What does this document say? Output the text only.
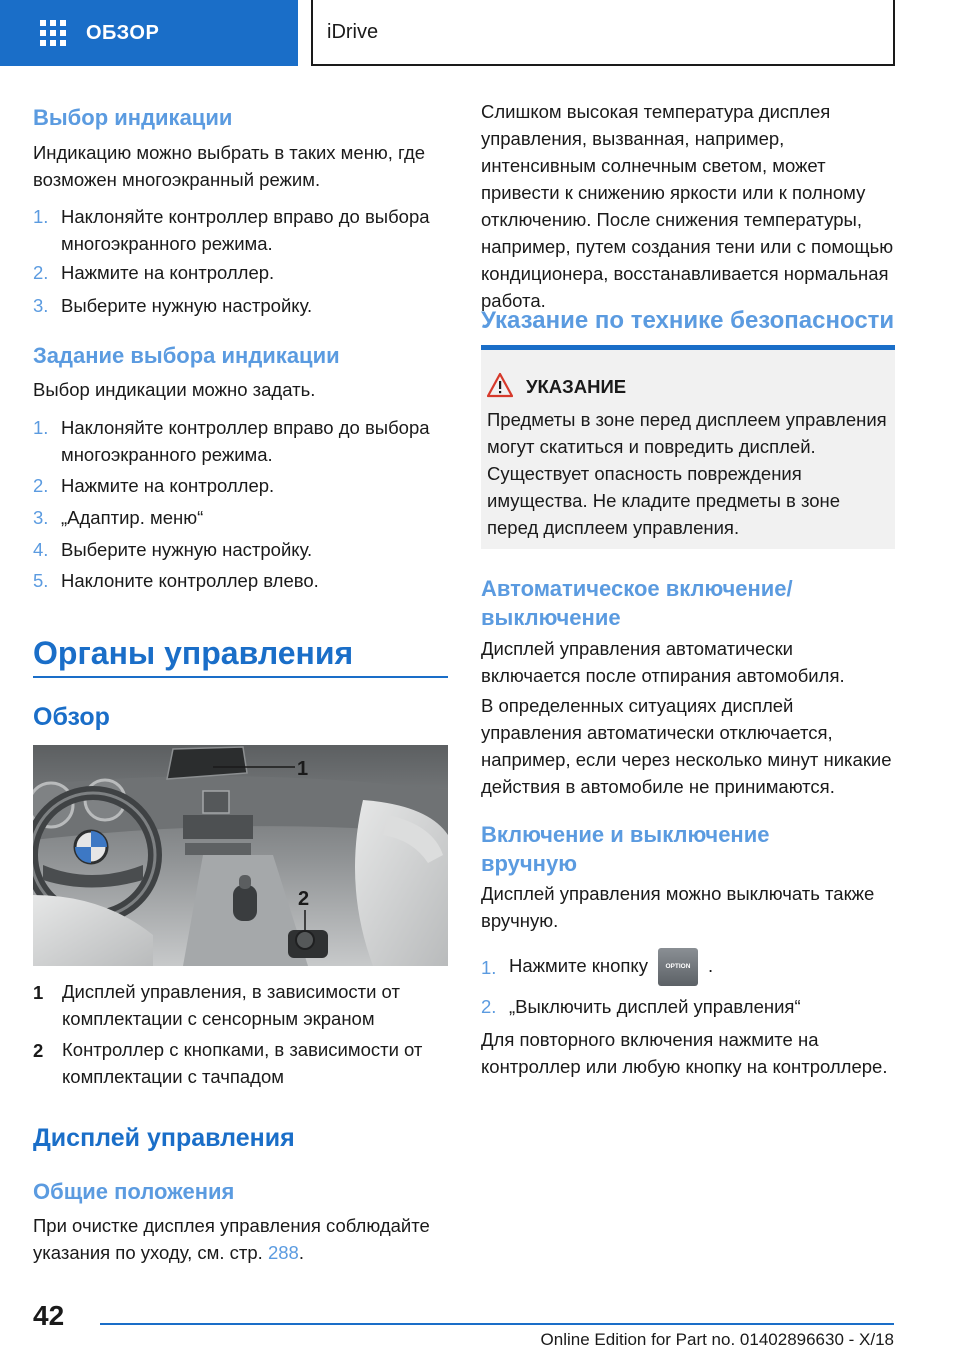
ОБЗОР	iDrive
Выбор индикации

Индикацию можно выбрать в таких меню, где возможен многоэкранный режим.

1. Наклоняйте контроллер вправо до выбора многоэкранного режима.
2. Нажмите на контроллер.
3. Выберите нужную настройку.
Задание выбора индикации

Выбор индикации можно задать.

1. Наклоняйте контроллер вправо до выбора многоэкранного режима.
2. Нажмите на контроллер.
3. „Адаптир. меню“
4. Выберите нужную настройку.
5. Наклоните контроллер влево.
Органы управления
Обзор
1
2
1 Дисплей управления, в зависимости от комплектации с сенсорным экраном
2 Контроллер с кнопками, в зависимости от комплектации с тачпадом
Дисплей управления
Общие положения

При очистке дисплея управления соблюдайте указания по уходу, см. стр. 288.

Слишком высокая температура дисплея управления, вызванная, например, интенсивным солнечным светом, может привести к снижению яркости или к полному отключению. После снижения температуры, например, путем создания тени или с помощью кондиционера, восстанавливается нормальная работа.

Указание по технике безопасности
УКАЗАНИЕ
Предметы в зоне перед дисплеем управления могут скатиться и повредить дисплей. Существует опасность повреждения имущества. Не кладите предметы в зоне перед дисплеем управления.
Автоматическое включение/выключение

Дисплей управления автоматически включается после отпирания автомобиля.

В определенных ситуациях дисплей управления автоматически отключается, например, если через несколько минут никакие действия в автомобиле не принимаются.

Включение и выключение вручную

Дисплей управления можно выключать также вручную.

1. Нажмите кнопку	OPTION .
2. „Выключить дисплей управления“

Для повторного включения нажмите на контроллер или любую кнопку на контроллере.

42
Online Edition for Part no. 01402896630 - X/18
